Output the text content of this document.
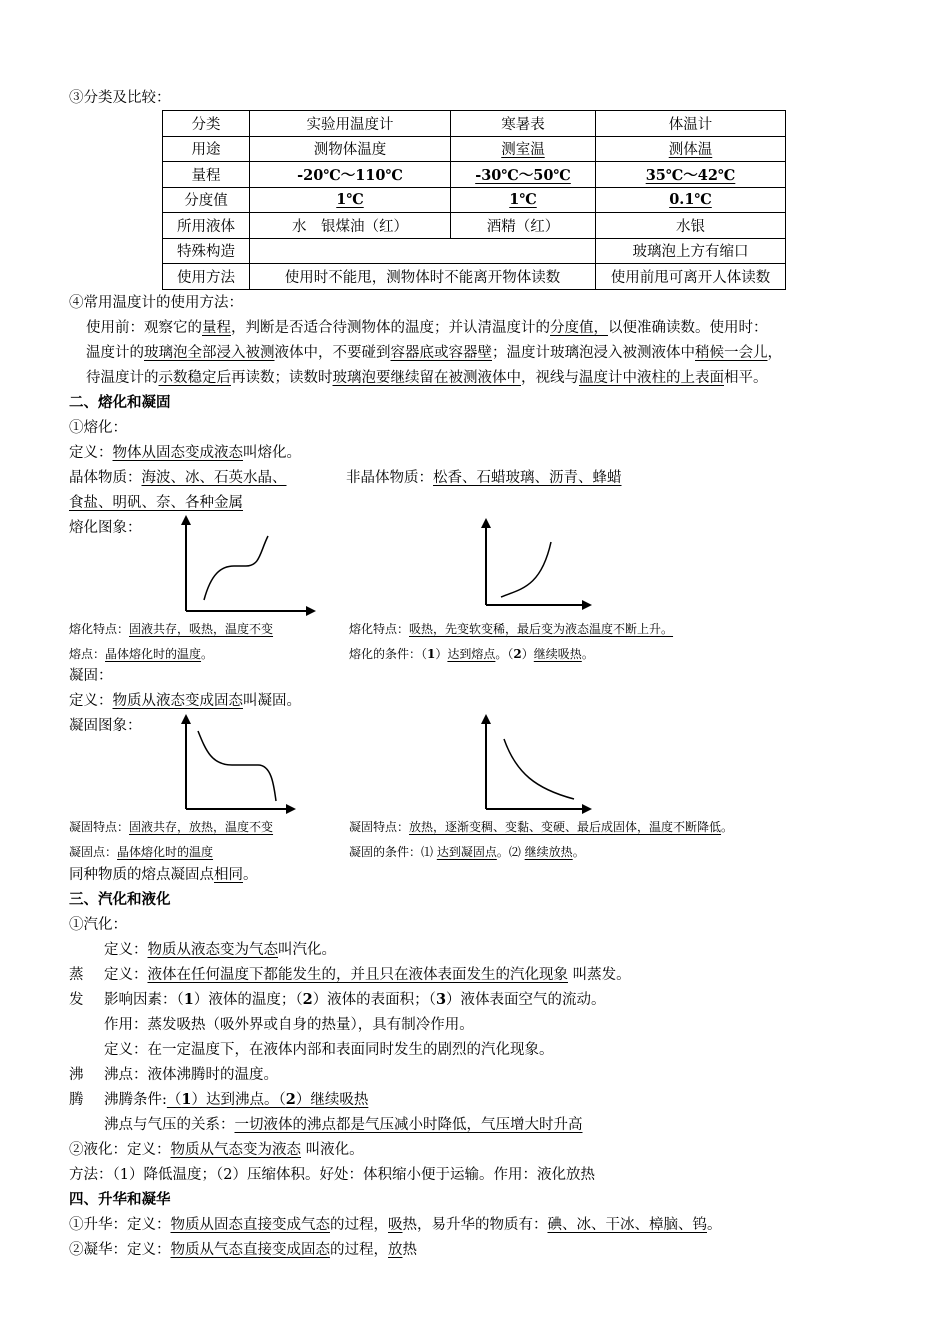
③分类及比较：
分类	实验用温度计	寒暑表	体温计
用途	测物体温度	测室温	测体温
量程	-20℃～110℃	-30℃～50℃	35℃～42℃
分度值	1℃	1℃	0.1℃
所用液体	水　银煤油（红）	酒精（红）	水银
特殊构造			玻璃泡上方有缩口
使用方法	使用时不能甩，测物体时不能离开物体读数		使用前甩可离开人体读数
④常用温度计的使用方法：
使用前：观察它的量程，判断是否适合待测物体的温度；并认清温度计的分度值，以便准确读数。使用时：
温度计的玻璃泡全部浸入被测液体中，不要碰到容器底或容器壁；温度计玻璃泡浸入被测液体中稍候一会儿，
待温度计的示数稳定后再读数；读数时玻璃泡要继续留在被测液体中，视线与温度计中液柱的上表面相平。
二、熔化和凝固
①熔化：
定义：物体从固态变成液态叫熔化。
晶体物质：海波、冰、石英水晶、	非晶体物质：松香、石蜡玻璃、沥青、蜂蜡
食盐、明矾、奈、各种金属
熔化图象：
熔化特点：固液共存，吸热，温度不变	熔化特点：吸热，先变软变稀，最后变为液态温度不断上升。
熔点：晶体熔化时的温度。	熔化的条件：（1）达到熔点。（2）继续吸热。
凝固：
定义：物质从液态变成固态叫凝固。
凝固图象：
凝固特点：固液共存，放热，温度不变	凝固特点：放热，逐渐变稠、变黏、变硬、最后成固体，温度不断降低。
凝固点：晶体熔化时的温度	凝固的条件：⑴ 达到凝固点。⑵ 继续放热。
同种物质的熔点凝固点相同。
三、汽化和液化
①汽化：
定义：物质从液态变为气态叫汽化。
蒸 定义：液体在任何温度下都能发生的，并且只在液体表面发生的汽化现象 叫蒸发。
发 影响因素：（1）液体的温度；（2）液体的表面积；（3）液体表面空气的流动。
作用：蒸发吸热（吸外界或自身的热量），具有制冷作用。
定义：在一定温度下，在液体内部和表面同时发生的剧烈的汽化现象。
沸 沸点：液体沸腾时的温度。
腾 沸腾条件:（1）达到沸点。（2）继续吸热
沸点与气压的关系：一切液体的沸点都是气压减小时降低，气压增大时升高
②液化：定义：物质从气态变为液态 叫液化。
方法：（1）降低温度；（2）压缩体积。好处：体积缩小便于运输。作用：液化放热
四、升华和凝华
①升华：定义：物质从固态直接变成气态的过程，吸热，易升华的物质有：碘、冰、干冰、樟脑、钨。
②凝华：定义：物质从气态直接变成固态的过程，放热
